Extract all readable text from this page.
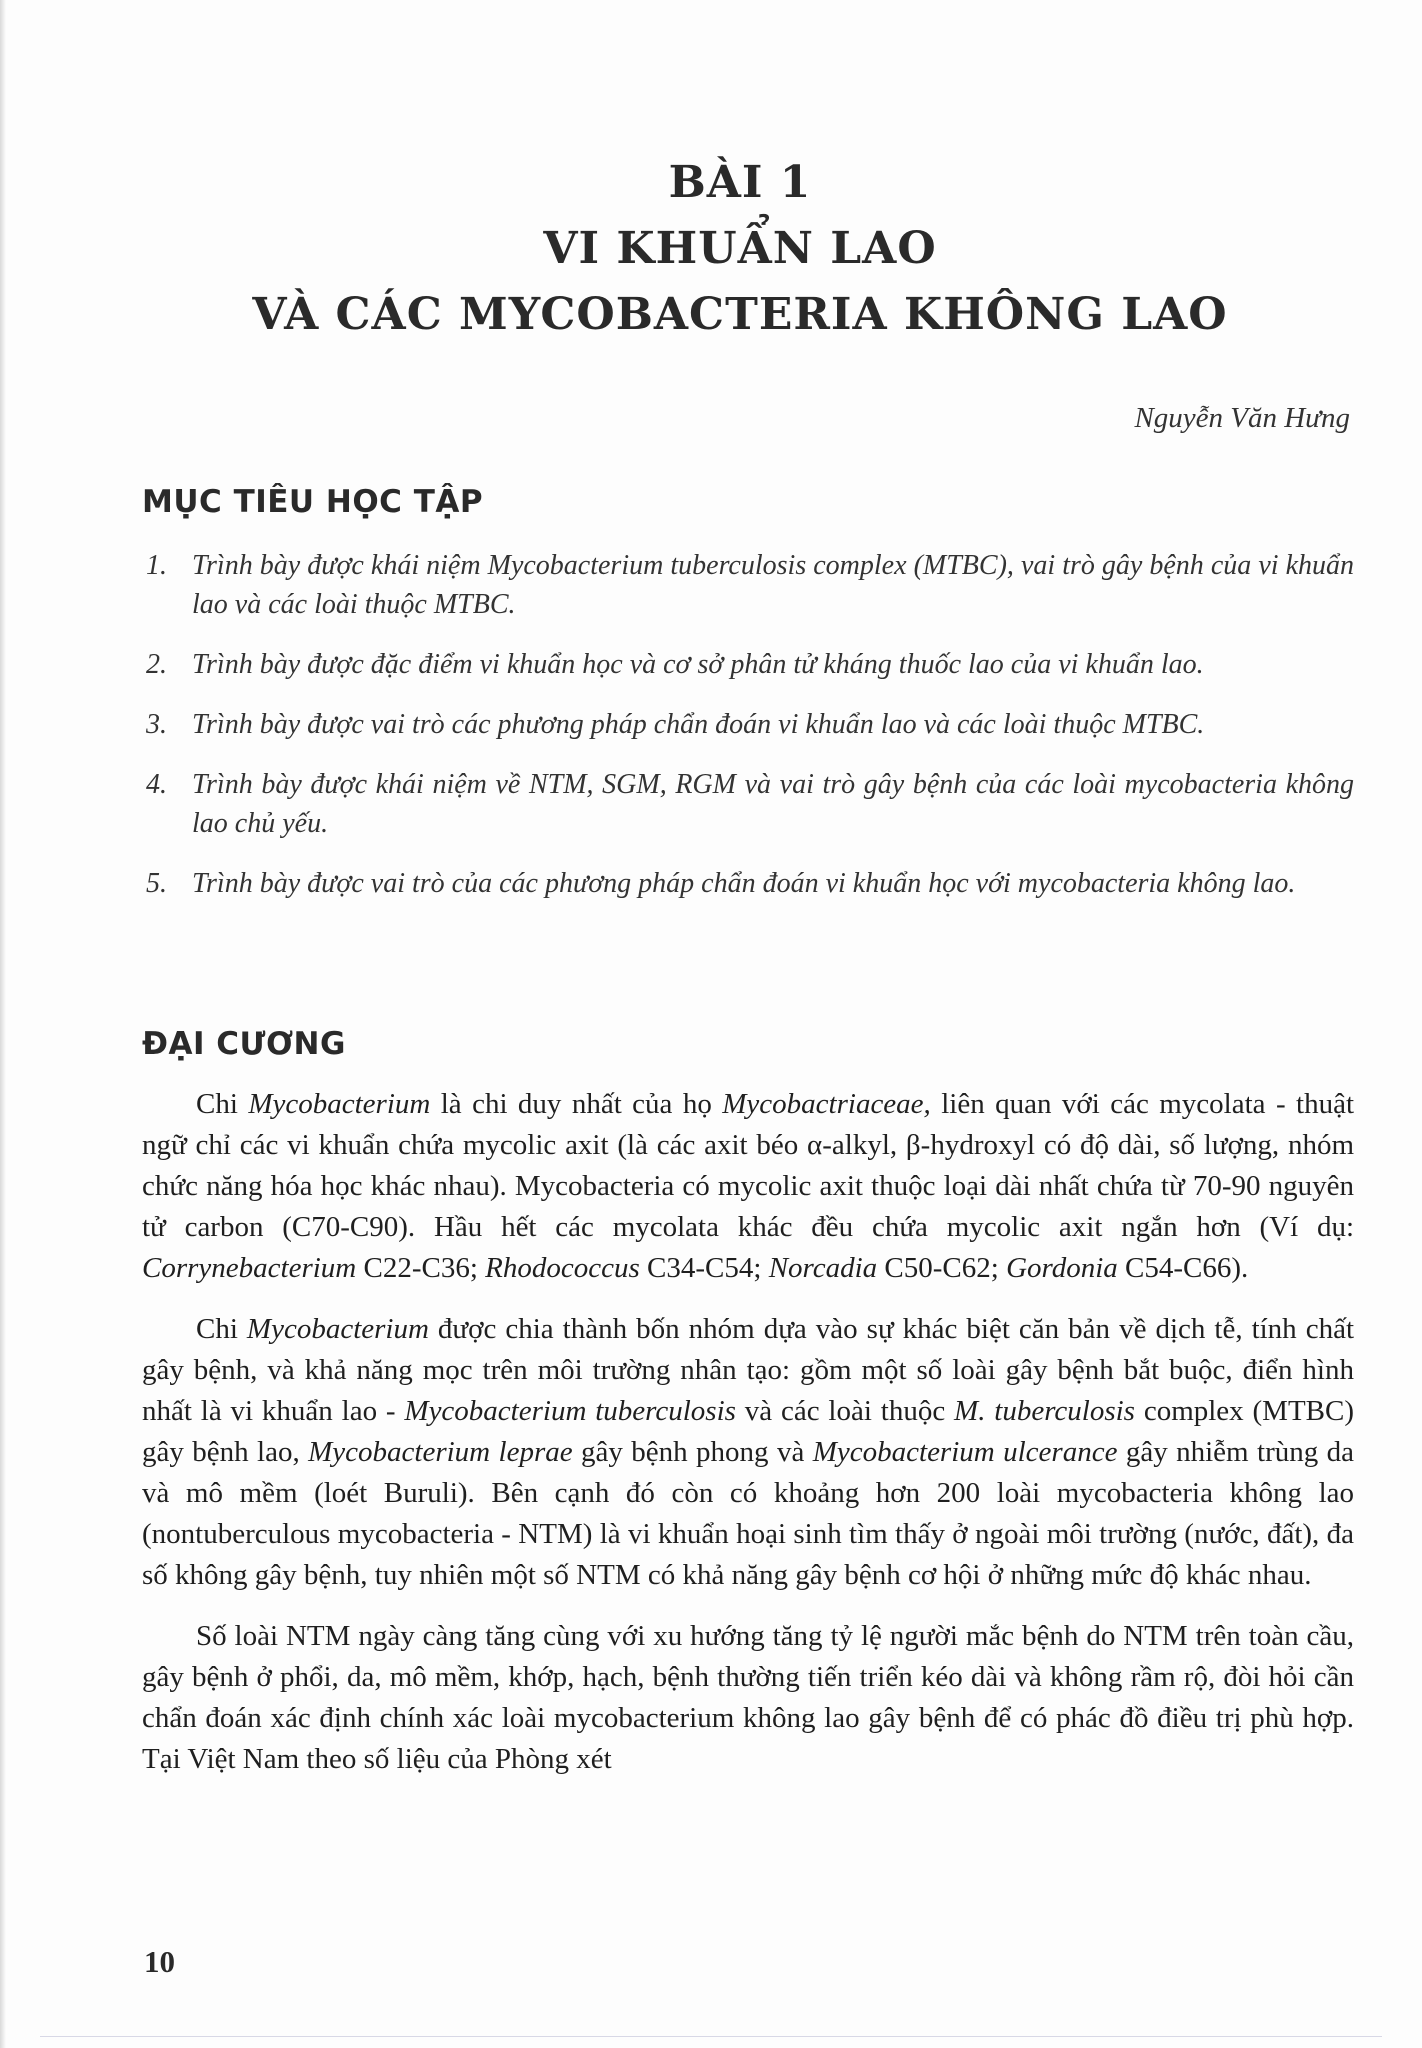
BÀI 1
VI KHUẨN LAO
VÀ CÁC MYCOBACTERIA KHÔNG LAO
Nguyễn Văn Hưng
MỤC TIÊU HỌC TẬP
1. Trình bày được khái niệm Mycobacterium tuberculosis complex (MTBC), vai trò gây bệnh của vi khuẩn lao và các loài thuộc MTBC.
2. Trình bày được đặc điểm vi khuẩn học và cơ sở phân tử kháng thuốc lao của vi khuẩn lao.
3. Trình bày được vai trò các phương pháp chẩn đoán vi khuẩn lao và các loài thuộc MTBC.
4. Trình bày được khái niệm về NTM, SGM, RGM và vai trò gây bệnh của các loài mycobacteria không lao chủ yếu.
5. Trình bày được vai trò của các phương pháp chẩn đoán vi khuẩn học với mycobacteria không lao.
ĐẠI CƯƠNG

Chi Mycobacterium là chi duy nhất của họ Mycobactriaceae, liên quan với các mycolata - thuật ngữ chỉ các vi khuẩn chứa mycolic axit (là các axit béo α-alkyl, β-hydroxyl có độ dài, số lượng, nhóm chức năng hóa học khác nhau). Mycobacteria có mycolic axit thuộc loại dài nhất chứa từ 70-90 nguyên tử carbon (C70-C90). Hầu hết các mycolata khác đều chứa mycolic axit ngắn hơn (Ví dụ: Corrynebacterium C22-C36; Rhodococcus C34-C54; Norcadia C50-C62; Gordonia C54-C66).

Chi Mycobacterium được chia thành bốn nhóm dựa vào sự khác biệt căn bản về dịch tễ, tính chất gây bệnh, và khả năng mọc trên môi trường nhân tạo: gồm một số loài gây bệnh bắt buộc, điển hình nhất là vi khuẩn lao - Mycobacterium tuberculosis và các loài thuộc M. tuberculosis complex (MTBC) gây bệnh lao, Mycobacterium leprae gây bệnh phong và Mycobacterium ulcerance gây nhiễm trùng da và mô mềm (loét Buruli). Bên cạnh đó còn có khoảng hơn 200 loài mycobacteria không lao (nontuberculous mycobacteria - NTM) là vi khuẩn hoại sinh tìm thấy ở ngoài môi trường (nước, đất), đa số không gây bệnh, tuy nhiên một số NTM có khả năng gây bệnh cơ hội ở những mức độ khác nhau.

Số loài NTM ngày càng tăng cùng với xu hướng tăng tỷ lệ người mắc bệnh do NTM trên toàn cầu, gây bệnh ở phổi, da, mô mềm, khớp, hạch, bệnh thường tiến triển kéo dài và không rầm rộ, đòi hỏi cần chẩn đoán xác định chính xác loài mycobacterium không lao gây bệnh để có phác đồ điều trị phù hợp. Tại Việt Nam theo số liệu của Phòng xét

10
